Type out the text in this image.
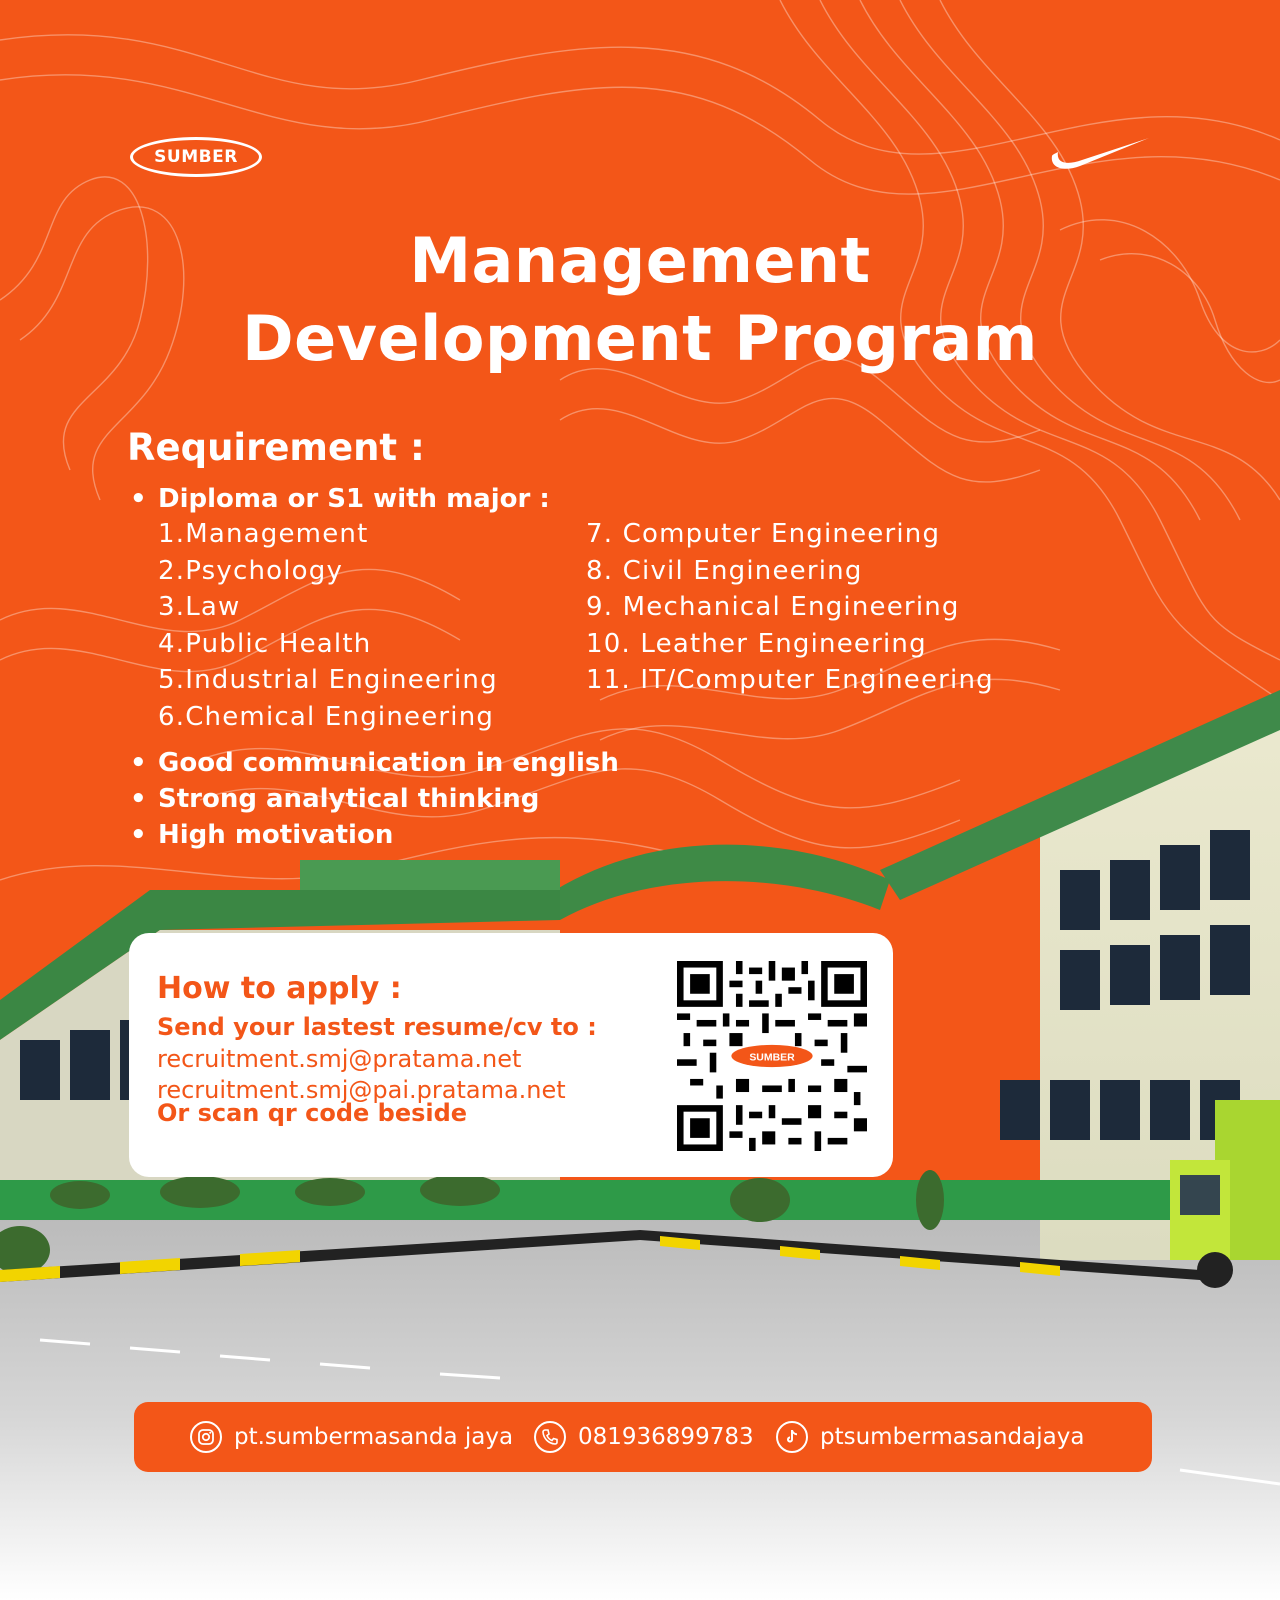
SUMBER
Management
Development Program
Requirement :
• Diploma or S1 with major :
1.Management
2.Psychology
3.Law
4.Public Health
5.Industrial Engineering
6.Chemical Engineering
7. Computer Engineering
8. Civil Engineering
9. Mechanical Engineering
10. Leather Engineering
11. IT/Computer Engineering
• Good communication in english
• Strong analytical thinking
• High motivation
How to apply :
Send your lastest resume/cv to :
recruitment.smj@pratama.net
recruitment.smj@pai.pratama.net
Or scan qr code beside
SUMBER
pt.sumbermasanda jaya	081936899783	ptsumbermasandajaya
